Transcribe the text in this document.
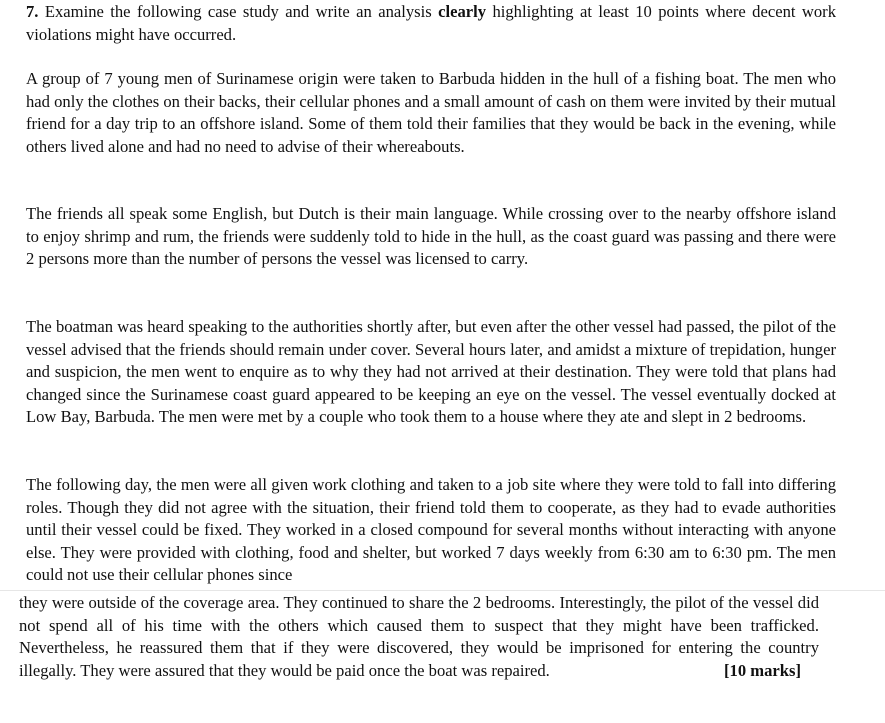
7. Examine the following case study and write an analysis clearly highlighting at least 10 points where decent work violations might have occurred.

A group of 7 young men of Surinamese origin were taken to Barbuda hidden in the hull of a fishing boat. The men who had only the clothes on their backs, their cellular phones and a small amount of cash on them were invited by their mutual friend for a day trip to an offshore island. Some of them told their families that they would be back in the evening, while others lived alone and had no need to advise of their whereabouts.

The friends all speak some English, but Dutch is their main language. While crossing over to the nearby offshore island to enjoy shrimp and rum, the friends were suddenly told to hide in the hull, as the coast guard was passing and there were 2 persons more than the number of persons the vessel was licensed to carry.

The boatman was heard speaking to the authorities shortly after, but even after the other vessel had passed, the pilot of the vessel advised that the friends should remain under cover. Several hours later, and amidst a mixture of trepidation, hunger and suspicion, the men went to enquire as to why they had not arrived at their destination. They were told that plans had changed since the Surinamese coast guard appeared to be keeping an eye on the vessel. The vessel eventually docked at Low Bay, Barbuda. The men were met by a couple who took them to a house where they ate and slept in 2 bedrooms.

The following day, the men were all given work clothing and taken to a job site where they were told to fall into differing roles. Though they did not agree with the situation, their friend told them to cooperate, as they had to evade authorities until their vessel could be fixed. They worked in a closed compound for several months without interacting with anyone else. They were provided with clothing, food and shelter, but worked 7 days weekly from 6:30 am to 6:30 pm. The men could not use their cellular phones since

they were outside of the coverage area. They continued to share the 2 bedrooms. Interestingly, the pilot of the vessel did not spend all of his time with the others which caused them to suspect that they might have been trafficked. Nevertheless, he reassured them that if they were discovered, they would be imprisoned for entering the country illegally. They were assured that they would be paid once the boat was repaired.	[10 marks]
